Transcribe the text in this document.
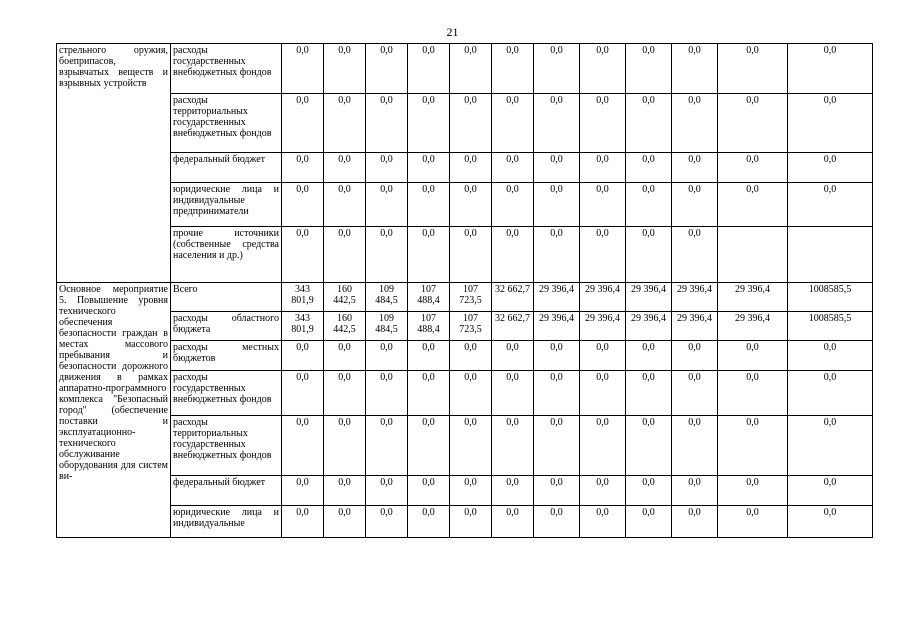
21
стрельного оружия, боеприпасов, взрывчатых веществ и взрывных устройств	расходы государственных внебюджетных фондов	0,0	0,0	0,0	0,0	0,0	0,0	0,0	0,0	0,0	0,0	0,0	0,0
	расходы территориальных государственных внебюджетных фондов	0,0	0,0	0,0	0,0	0,0	0,0	0,0	0,0	0,0	0,0	0,0	0,0
	федеральный бюджет	0,0	0,0	0,0	0,0	0,0	0,0	0,0	0,0	0,0	0,0	0,0	0,0
	юридические лица и индивидуальные предприниматели	0,0	0,0	0,0	0,0	0,0	0,0	0,0	0,0	0,0	0,0	0,0	0,0
	прочие источники (собственные средства населения и др.)	0,0	0,0	0,0	0,0	0,0	0,0	0,0	0,0	0,0	0,0		
Основное мероприятие 5. Повышение уровня технического обеспечения безопасности граждан в местах массового пребывания и безопасности дорожного движения в рамках аппаратно-программного комплекса "Безопасный город" (обеспечение поставки и эксплуатационно-технического обслуживание оборудования для систем ви-	Всего	343 801,9	160 442,5	109 484,5	107 488,4	107 723,5	32 662,7	29 396,4	29 396,4	29 396,4	29 396,4	29 396,4	1008585,5
	расходы областного бюджета	343 801,9	160 442,5	109 484,5	107 488,4	107 723,5	32 662,7	29 396,4	29 396,4	29 396,4	29 396,4	29 396,4	1008585,5
	расходы местных бюджетов	0,0	0,0	0,0	0,0	0,0	0,0	0,0	0,0	0,0	0,0	0,0	0,0
	расходы государственных внебюджетных фондов	0,0	0,0	0,0	0,0	0,0	0,0	0,0	0,0	0,0	0,0	0,0	0,0
	расходы территориальных государственных внебюджетных фондов	0,0	0,0	0,0	0,0	0,0	0,0	0,0	0,0	0,0	0,0	0,0	0,0
	федеральный бюджет	0,0	0,0	0,0	0,0	0,0	0,0	0,0	0,0	0,0	0,0	0,0	0,0
	юридические лица и индивидуальные	0,0	0,0	0,0	0,0	0,0	0,0	0,0	0,0	0,0	0,0	0,0	0,0
